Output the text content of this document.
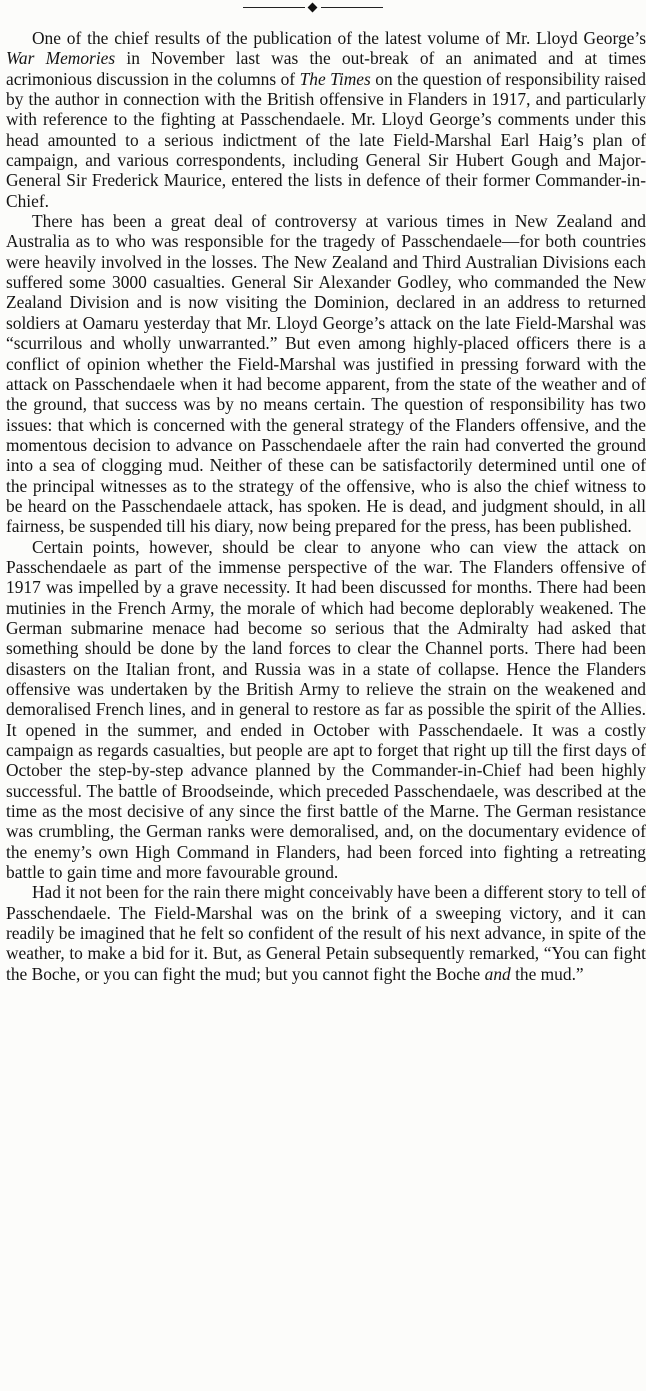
One of the chief results of the publication of the latest volume of Mr. Lloyd George’s War Memories in November last was the out-break of an animated and at times acrimonious discussion in the columns of The Times on the question of responsibility raised by the author in connection with the British offensive in Flanders in 1917, and particularly with reference to the fighting at Passchendaele. Mr. Lloyd George’s comments under this head amounted to a serious indictment of the late Field-Marshal Earl Haig’s plan of campaign, and various correspondents, including General Sir Hubert Gough and Major-General Sir Frederick Maurice, entered the lists in defence of their former Commander-in-Chief.

There has been a great deal of controversy at various times in New Zealand and Australia as to who was responsible for the tragedy of Passchendaele—for both countries were heavily involved in the losses. The New Zealand and Third Australian Divisions each suffered some 3000 casualties. General Sir Alexander Godley, who commanded the New Zealand Division and is now visiting the Dominion, declared in an address to returned soldiers at Oamaru yesterday that Mr. Lloyd George’s attack on the late Field-Marshal was “scurrilous and wholly unwarranted.” But even among highly-placed officers there is a conflict of opinion whether the Field-Marshal was justified in pressing forward with the attack on Passchendaele when it had become apparent, from the state of the weather and of the ground, that success was by no means certain. The question of responsibility has two issues: that which is concerned with the general strategy of the Flanders offensive, and the momentous decision to advance on Passchendaele after the rain had converted the ground into a sea of clogging mud. Neither of these can be satisfactorily determined until one of the principal witnesses as to the strategy of the offensive, who is also the chief witness to be heard on the Passchendaele attack, has spoken. He is dead, and judgment should, in all fairness, be suspended till his diary, now being prepared for the press, has been published.

Certain points, however, should be clear to anyone who can view the attack on Passchendaele as part of the immense perspective of the war. The Flanders offensive of 1917 was impelled by a grave necessity. It had been discussed for months. There had been mutinies in the French Army, the morale of which had become deplorably weakened. The German submarine menace had become so serious that the Admiralty had asked that something should be done by the land forces to clear the Channel ports. There had been disasters on the Italian front, and Russia was in a state of collapse. Hence the Flanders offensive was undertaken by the British Army to relieve the strain on the weakened and demoralised French lines, and in general to restore as far as possible the spirit of the Allies. It opened in the summer, and ended in October with Passchendaele. It was a costly campaign as regards casualties, but people are apt to forget that right up till the first days of October the step-by-step advance planned by the Commander-in-Chief had been highly successful. The battle of Broodseinde, which preceded Passchendaele, was described at the time as the most decisive of any since the first battle of the Marne. The German resistance was crumbling, the German ranks were demoralised, and, on the documentary evidence of the enemy’s own High Command in Flanders, had been forced into fighting a retreating battle to gain time and more favourable ground.

Had it not been for the rain there might conceivably have been a different story to tell of Passchendaele. The Field-Marshal was on the brink of a sweeping victory, and it can readily be imagined that he felt so confident of the result of his next advance, in spite of the weather, to make a bid for it. But, as General Petain subsequently remarked, “You can fight the Boche, or you can fight the mud; but you cannot fight the Boche and the mud.”
